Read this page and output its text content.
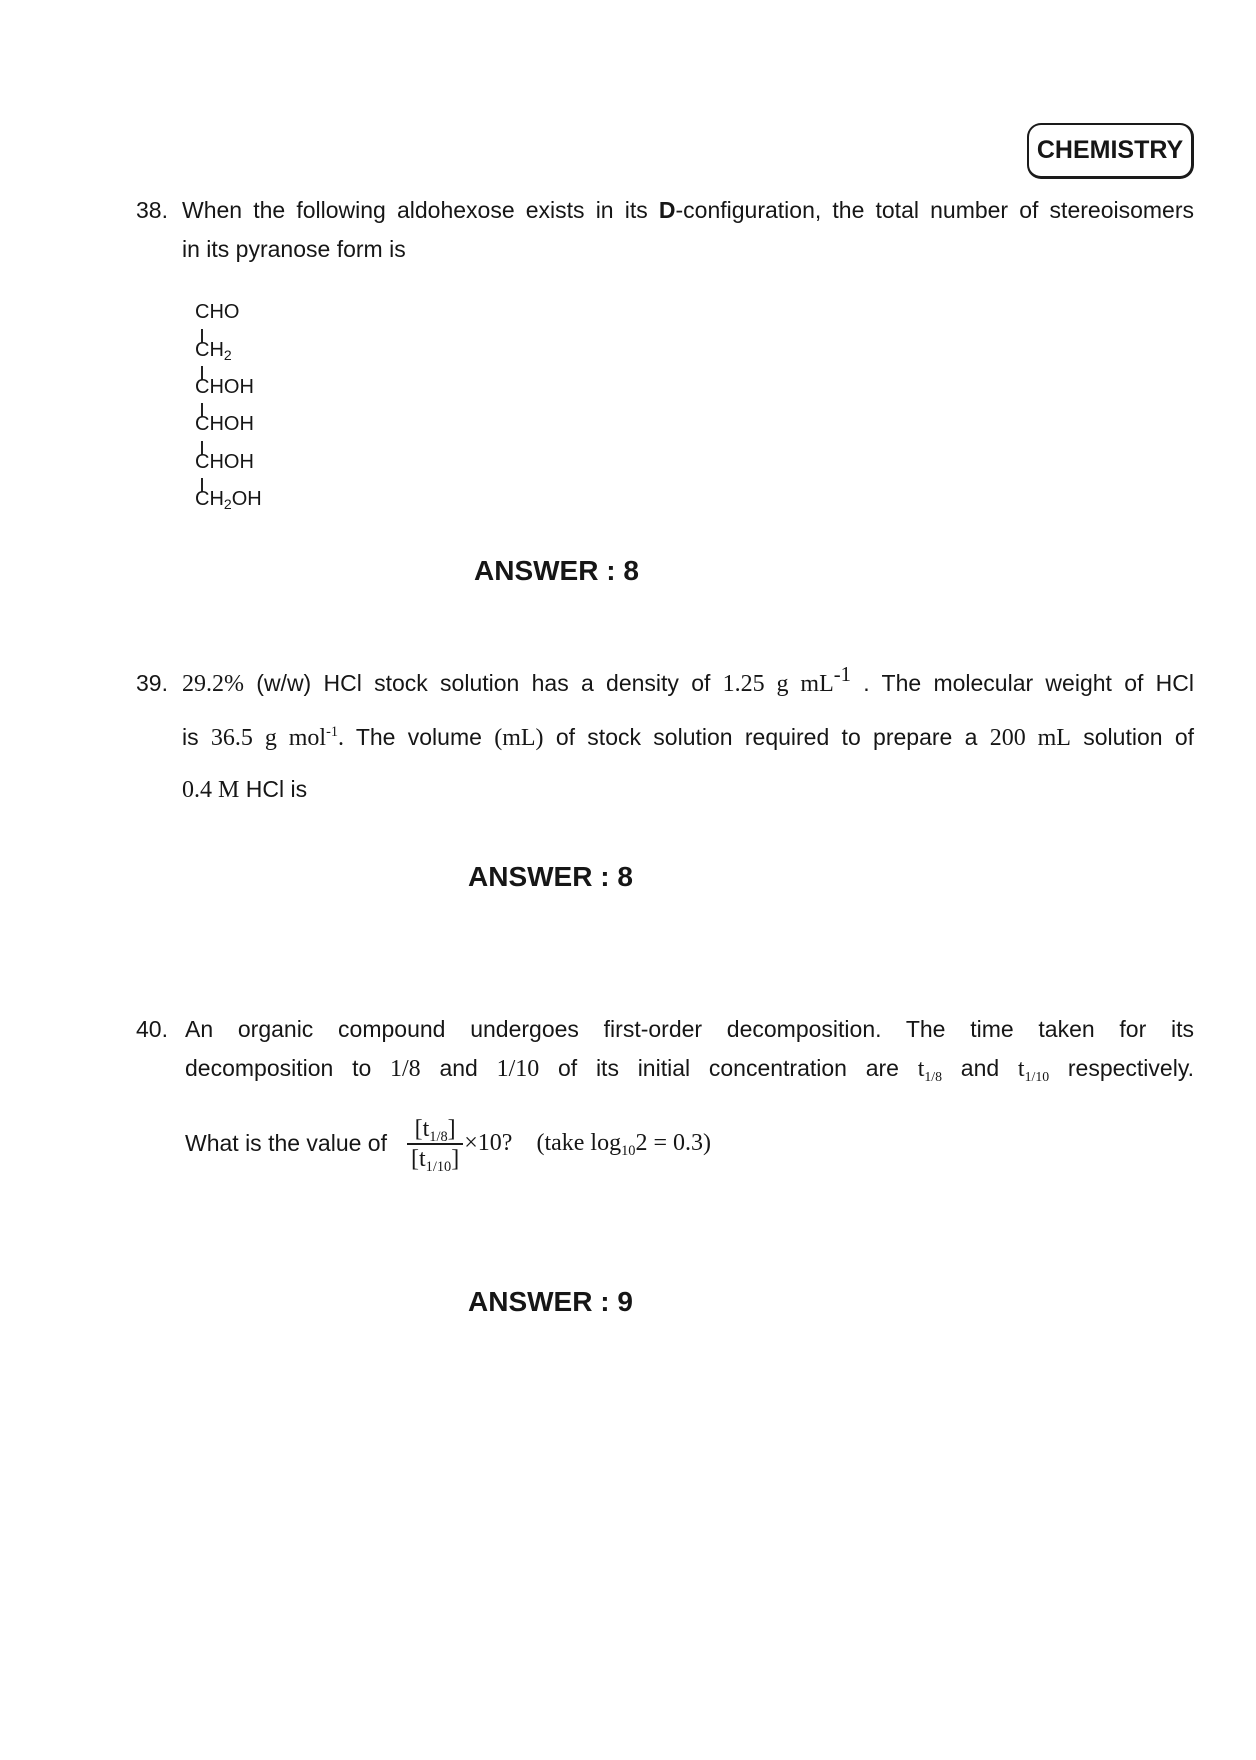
CHEMISTRY
38. When the following aldohexose exists in its D-configuration, the total number of stereoisomers
in its pyranose form is
CHO
$CH_2$
CHOH
CHOH
CHOH
$CH_2OH$
ANSWER : 8
39. 29.2% (w/w) HCl stock solution has a density of 1.25 g mL-1 . The molecular weight of HCl
is 36.5 g mol$^{-1}$. The volume (mL) of stock solution required to prepare a 200 mL solution of
0.4 M HCl is
ANSWER : 8
40. An organic compound undergoes first-order decomposition. The time taken for its
decomposition to 1/8 and 1/10 of its initial concentration are $t_{1/8}$ and $t_{1/10}$ respectively.
What is the value of $\frac{[t_{1/8}]}{[t_{1/10}]} \times 10$? (take $\log_{10}2 = 0.3$)
ANSWER : 9
